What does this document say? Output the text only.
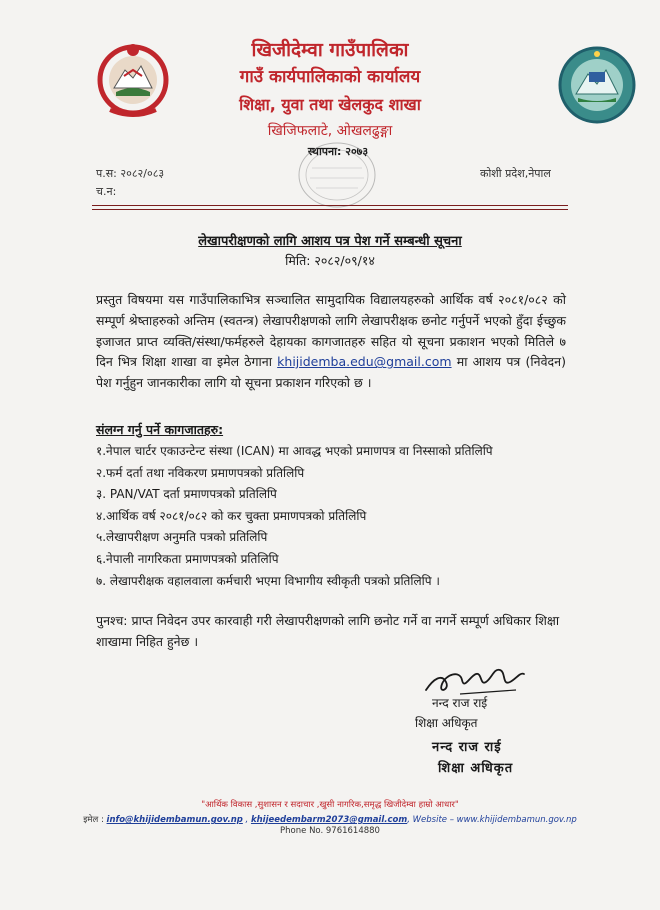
खिजीदेम्वा गाउँपालिका
गाउँ कार्यपालिकाको कार्यालय
शिक्षा, युवा तथा खेलकुद शाखा
खिजिफलाटे, ओखलढुङ्गा
स्थापना: २०७३
प.स: २०८२/०८३
च.न:
कोशी प्रदेश,नेपाल
लेखापरीक्षणको लागि आशय पत्र पेश गर्ने सम्बन्धी सूचना
मिति: २०८२/०९/१४
प्रस्तुत विषयमा यस गाउँपालिकाभित्र सञ्चालित सामुदायिक विद्यालयहरुको आर्थिक वर्ष २०८१/०८२ को सम्पूर्ण श्रेष्ताहरुको अन्तिम (स्वतन्त्र) लेखापरीक्षणको लागि लेखापरीक्षक छनोट गर्नुपर्ने भएको हुँदा ईच्छुक इजाजत प्राप्त व्यक्ति/संस्था/फर्महरुले देहायका कागजातहरु सहित यो सूचना प्रकाशन भएको मितिले ७ दिन भित्र शिक्षा शाखा वा इमेल ठेगाना khijidemba.edu@gmail.com मा आशय पत्र (निवेदन) पेश गर्नुहुन जानकारीका लागि यो सूचना प्रकाशन गरिएको छ ।
संलग्न गर्नु पर्ने कागजातहरु:
१.नेपाल चार्टर एकाउन्टेन्ट संस्था (ICAN) मा आवद्ध भएको प्रमाणपत्र वा निस्साको प्रतिलिपि
२.फर्म दर्ता तथा नविकरण प्रमाणपत्रको प्रतिलिपि
३. PAN/VAT दर्ता प्रमाणपत्रको प्रतिलिपि
४.आर्थिक वर्ष २०८१/०८२ को कर चुक्ता प्रमाणपत्रको प्रतिलिपि
५.लेखापरीक्षण अनुमति पत्रको प्रतिलिपि
६.नेपाली नागरिकता प्रमाणपत्रको प्रतिलिपि
७. लेखापरीक्षक वहालवाला कर्मचारी भएमा विभागीय स्वीकृती पत्रको प्रतिलिपि ।
पुनश्च: प्राप्त निवेदन उपर कारवाही गरी लेखापरीक्षणको लागि छनोट गर्ने वा नगर्ने सम्पूर्ण अधिकार शिक्षा शाखामा निहित हुनेछ ।
नन्द राज राई
शिक्षा अधिकृत
नन्द राज राई
शिक्षा अधिकृत
"आर्थिक विकास ,सुशासन र सदाचार ,खुसी नागरिक,समृद्ध खिजीदेम्वा हाम्रो आधार"
इमेल : info@khijidembamun.gov.np , khijeedembarm2073@gmail.com, Website – www.khijidembamun.gov.np
Phone No. 9761614880
